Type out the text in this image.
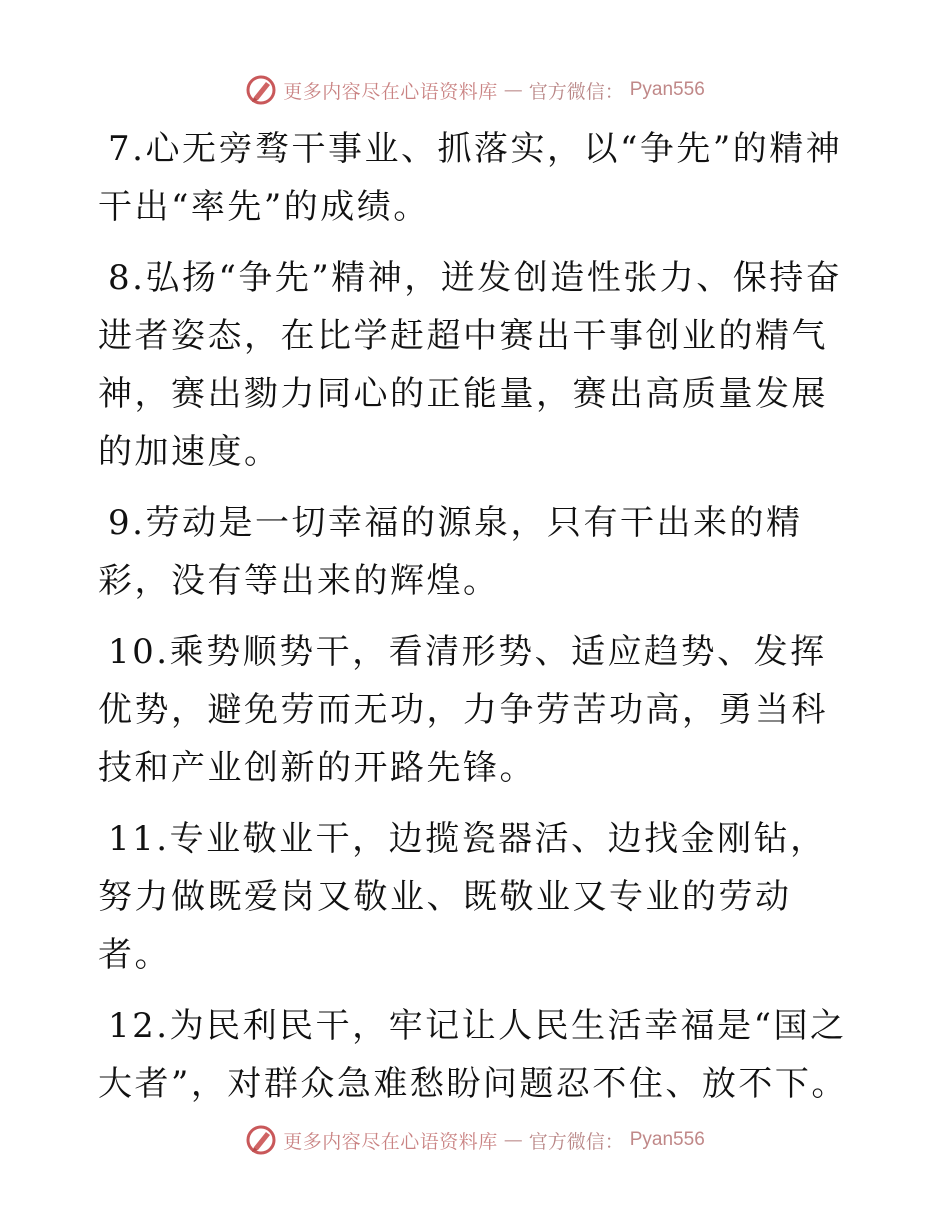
更多内容尽在心语资料库 — 官方微信： Pyan556

7.心无旁骛干事业、抓落实，以“争先”的精神干出“率先”的成绩。

8.弘扬“争先”精神，迸发创造性张力、保持奋进者姿态，在比学赶超中赛出干事创业的精气神，赛出勠力同心的正能量，赛出高质量发展的加速度。

9.劳动是一切幸福的源泉，只有干出来的精彩，没有等出来的辉煌。

10.乘势顺势干，看清形势、适应趋势、发挥优势，避免劳而无功，力争劳苦功高，勇当科技和产业创新的开路先锋。

11.专业敬业干，边揽瓷器活、边找金刚钻，努力做既爱岗又敬业、既敬业又专业的劳动者。

12.为民利民干，牢记让人民生活幸福是“国之大者”，对群众急难愁盼问题忍不住、放不下。

更多内容尽在心语资料库 — 官方微信： Pyan556
